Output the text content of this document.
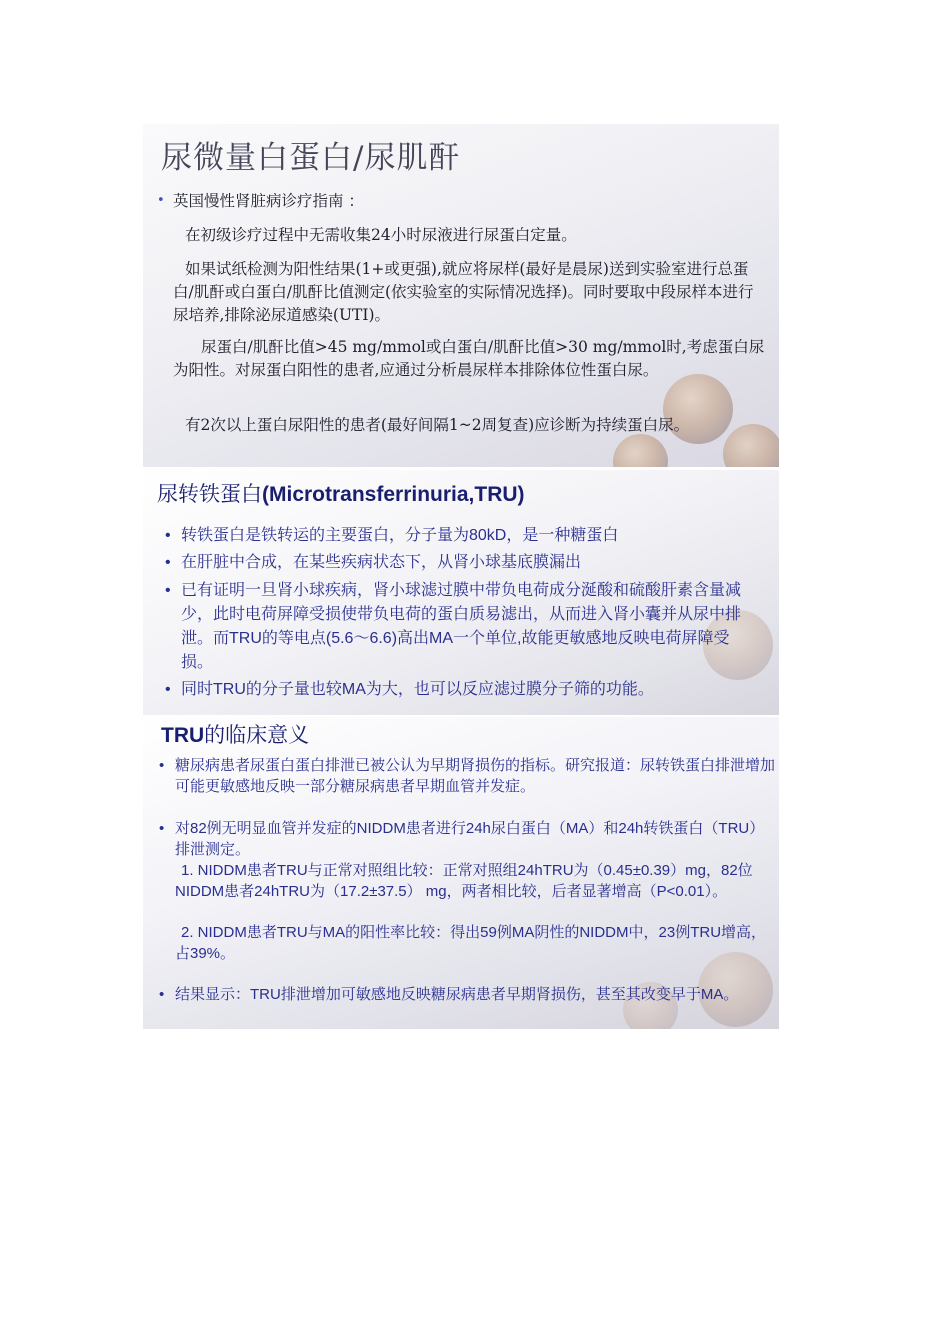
尿微量白蛋白/尿肌酐
• 英国慢性肾脏病诊疗指南 ：

在初级诊疗过程中无需收集24小时尿液进行尿蛋白定量。

如果试纸检测为阳性结果(1+或更强),就应将尿样(最好是晨尿)送到实验室进行总蛋白/肌酐或白蛋白/肌酐比值测定(依实验室的实际情况选择)。同时要取中段尿样本进行尿培养,排除泌尿道感染(UTI)。

尿蛋白/肌酐比值>45 mg/mmol或白蛋白/肌酐比值>30 mg/mmol时,考虑蛋白尿为阳性。对尿蛋白阳性的患者,应通过分析晨尿样本排除体位性蛋白尿。

有2次以上蛋白尿阳性的患者(最好间隔1~2周复查)应诊断为持续蛋白尿。

尿转铁蛋白(Microtransferrinuria,TRU)

• 转铁蛋白是铁转运的主要蛋白，分子量为80kD，是一种糖蛋白

• 在肝脏中合成，在某些疾病状态下，从肾小球基底膜漏出

• 已有证明一旦肾小球疾病，肾小球滤过膜中带负电荷成分涎酸和硫酸肝素含量减少，此时电荷屏障受损使带负电荷的蛋白质易滤出，从而进入肾小囊并从尿中排泄。而TRU的等电点(5.6～6.6)高出MA一个单位,故能更敏感地反映电荷屏障受损。

• 同时TRU的分子量也较MA为大，也可以反应滤过膜分子筛的功能。

TRU的临床意义

• 糖尿病患者尿蛋白蛋白排泄已被公认为早期肾损伤的指标。研究报道：尿转铁蛋白排泄增加可能更敏感地反映一部分糖尿病患者早期血管并发症。

• 对82例无明显血管并发症的NIDDM患者进行24h尿白蛋白（MA）和24h转铁蛋白（TRU）排泄测定。

1. NIDDM患者TRU与正常对照组比较：正常对照组24hTRU为（0.45±0.39）mg，82位 NIDDM患者24hTRU为（17.2±37.5） mg，两者相比较，后者显著增高（P<0.01）。

2. NIDDM患者TRU与MA的阳性率比较：得出59例MA阴性的NIDDM中，23例TRU增高，占39%。

• 结果显示：TRU排泄增加可敏感地反映糖尿病患者早期肾损伤，甚至其改变早于MA。
